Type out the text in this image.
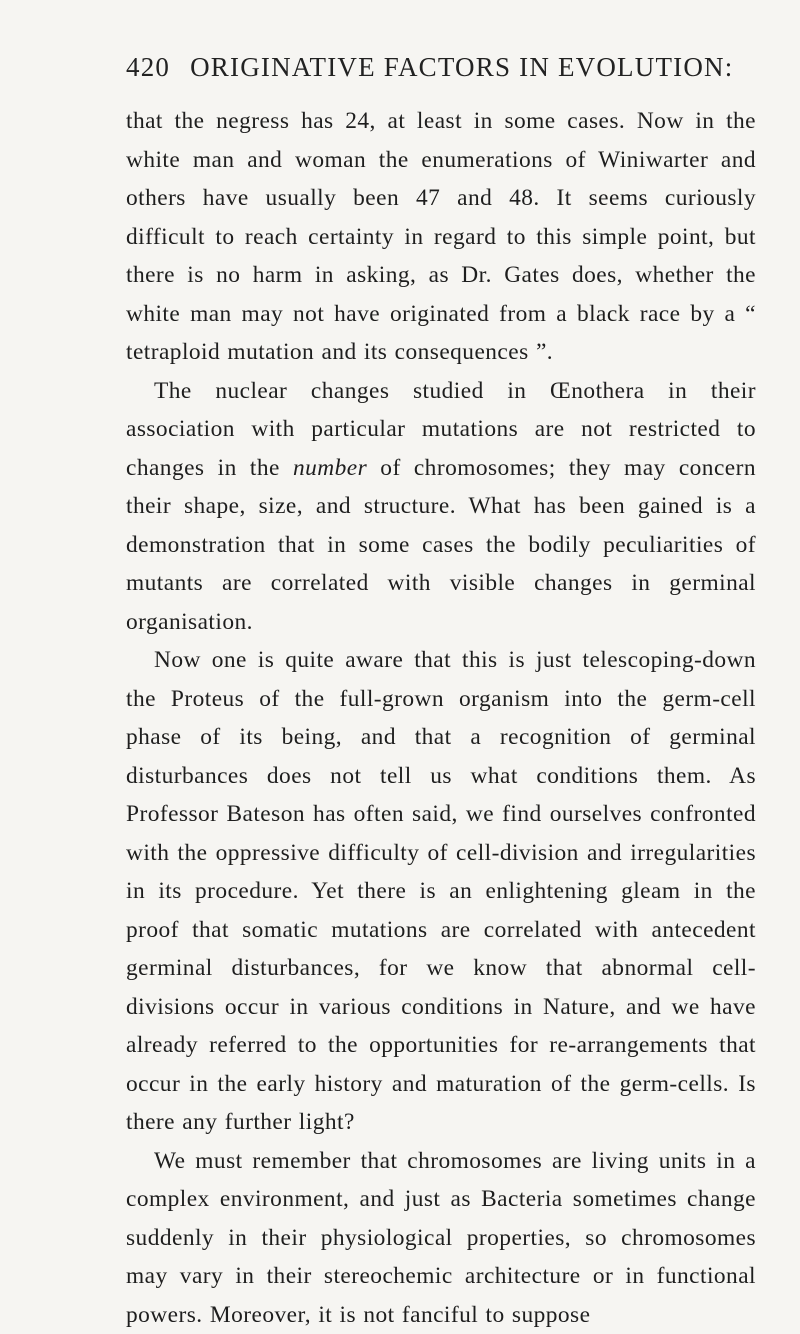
420 ORIGINATIVE FACTORS IN EVOLUTION:

that the negress has 24, at least in some cases. Now in the white man and woman the enumerations of Winiwarter and others have usually been 47 and 48. It seems curiously difficult to reach certainty in regard to this simple point, but there is no harm in asking, as Dr. Gates does, whether the white man may not have originated from a black race by a “ tetraploid mutation and its consequences ”.

The nuclear changes studied in Œnothera in their association with particular mutations are not restricted to changes in the number of chromosomes; they may concern their shape, size, and structure. What has been gained is a demonstration that in some cases the bodily peculiarities of mutants are correlated with visible changes in germinal organisation.

Now one is quite aware that this is just telescoping-down the Proteus of the full-grown organism into the germ-cell phase of its being, and that a recognition of germinal disturbances does not tell us what conditions them. As Professor Bateson has often said, we find ourselves confronted with the oppressive difficulty of cell-division and irregularities in its procedure. Yet there is an enlightening gleam in the proof that somatic mutations are correlated with antecedent germinal disturbances, for we know that abnormal cell-divisions occur in various conditions in Nature, and we have already referred to the opportunities for re-arrangements that occur in the early history and maturation of the germ-cells. Is there any further light?

We must remember that chromosomes are living units in a complex environment, and just as Bacteria sometimes change suddenly in their physiological properties, so chromosomes may vary in their stereochemic architecture or in functional powers. Moreover, it is not fanciful to suppose
